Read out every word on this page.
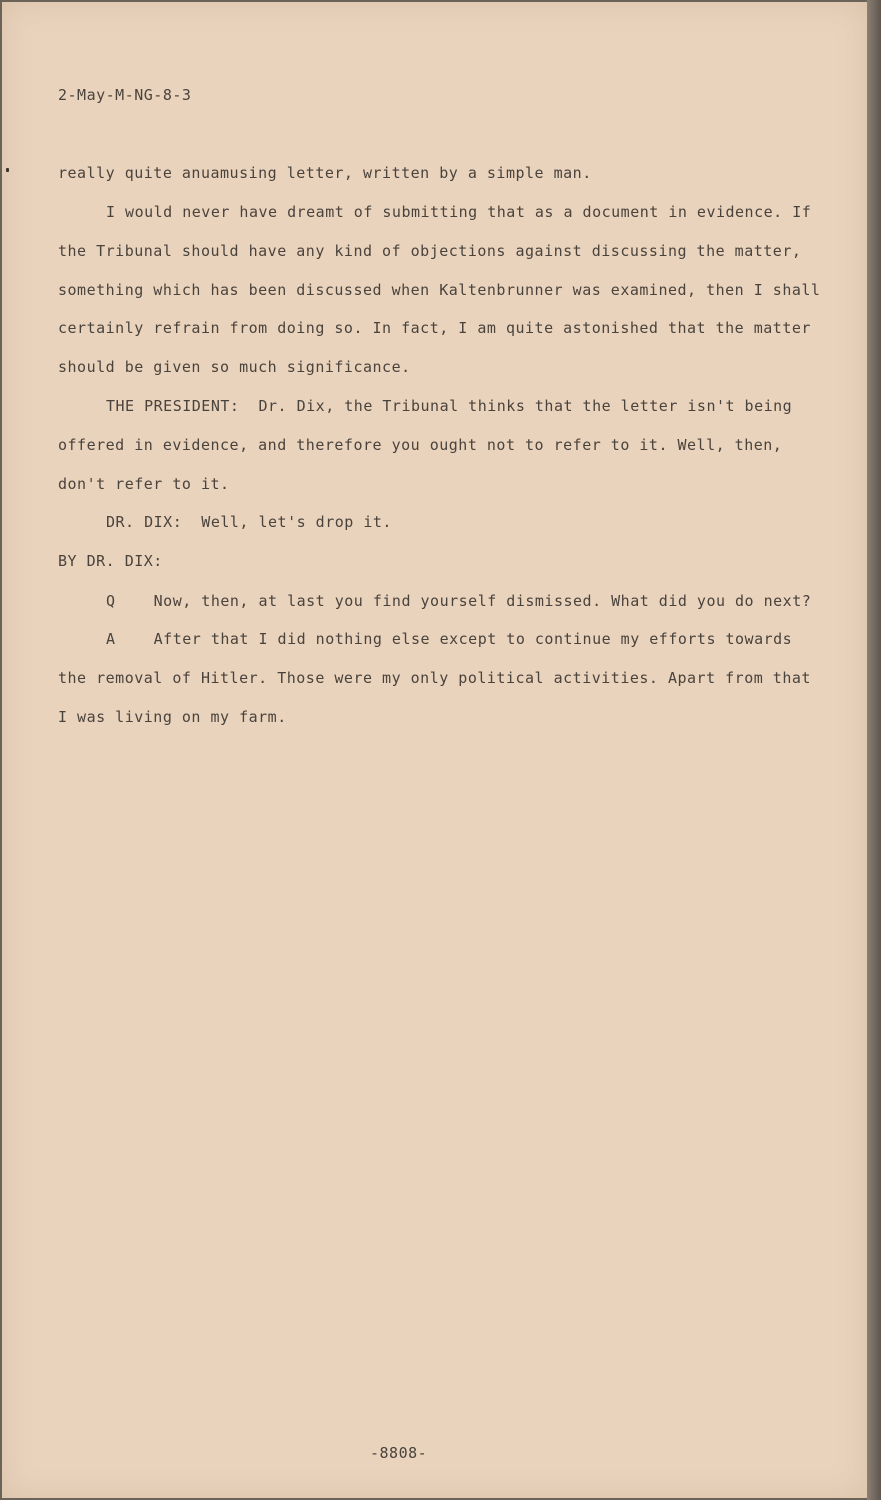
2-May-M-NG-8-3

really quite anuamusing letter, written by a simple man.

I would never have dreamt of submitting that as a document in evidence. If

the Tribunal should have any kind of objections against discussing the matter,

something which has been discussed when Kaltenbrunner was examined, then I shall

certainly refrain from doing so. In fact, I am quite astonished that the matter

should be given so much significance.

THE PRESIDENT:  Dr. Dix, the Tribunal thinks that the letter isn't being

offered in evidence, and therefore you ought not to refer to it. Well, then,

don't refer to it.

DR. DIX:  Well, let's drop it.

BY DR. DIX:

Q    Now, then, at last you find yourself dismissed. What did you do next?

A    After that I did nothing else except to continue my efforts towards

the removal of Hitler. Those were my only political activities. Apart from that

I was living on my farm.

-8808-
